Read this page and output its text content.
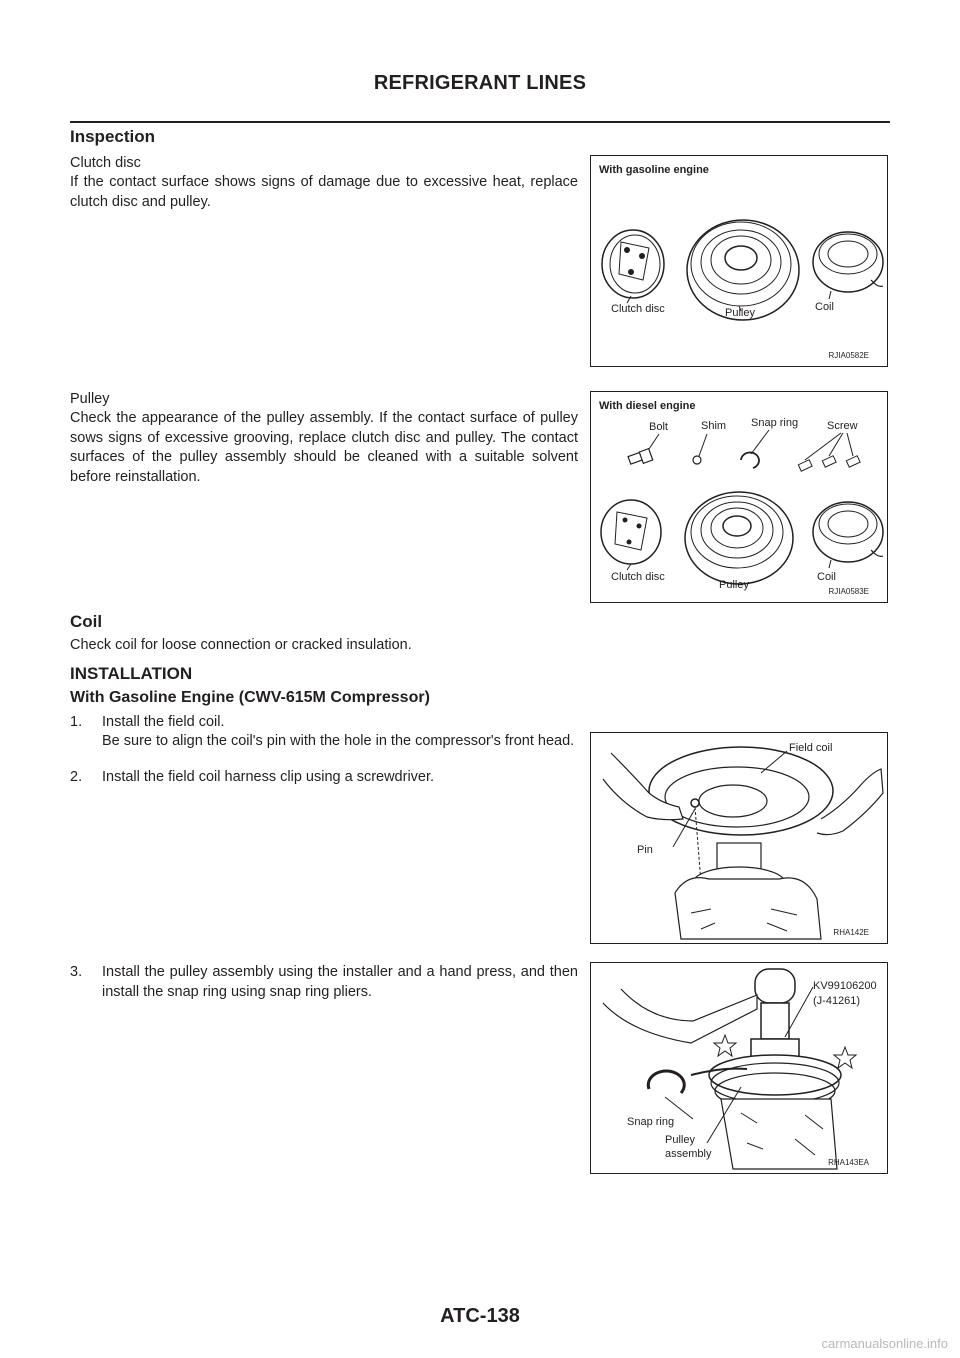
REFRIGERANT LINES
Inspection
Clutch disc
If the contact surface shows signs of damage due to excessive heat, replace clutch disc and pulley.
Pulley
Check the appearance of the pulley assembly. If the contact surface of pulley sows signs of excessive grooving, replace clutch disc and pulley. The contact surfaces of the pulley assembly should be cleaned with a suitable solvent before reinstallation.
Coil
Check coil for loose connection or cracked insulation.
INSTALLATION
With Gasoline Engine (CWV-615M Compressor)
1. Install the field coil.
Be sure to align the coil's pin with the hole in the compressor's front head.
2. Install the field coil harness clip using a screwdriver.
3. Install the pulley assembly using the installer and a hand press, and then install the snap ring using snap ring pliers.
With gasoline engine
Clutch disc	Pulley	Coil
RJIA0582E
With diesel engine
Bolt	Shim Snap ring	Screw
Clutch disc
Pulley
Coil
RJIA0583E
Field coil
Pin
RHA142E
KV99106200
(J-41261)
Snap ring
Pulley
assembly
RHA143EA
ATC-138
carmanualsonline.info
